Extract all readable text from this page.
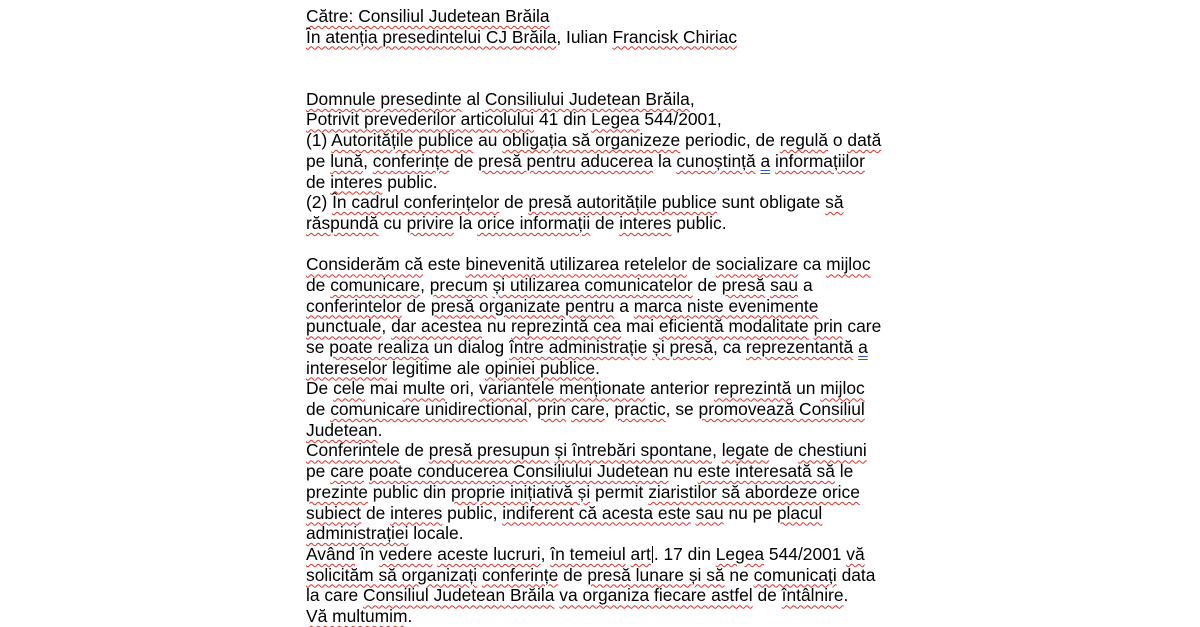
Către: Consiliul Judetean Brăila
În atenția presedintelui CJ Brăila, Iulian Francisk Chiriac
Domnule presedinte al Consiliului Judetean Brăila,
Potrivit prevederilor articolului 41 din Legea 544/2001,
(1) Autoritățile publice au obligația să organizeze periodic, de regulă o dată
pe lună, conferințe de presă pentru aducerea la cunoștință a informațiilor
de interes public.
(2) În cadrul conferințelor de presă autoritățile publice sunt obligate să
răspundă cu privire la orice informații de interes public.
Considerăm că este binevenită utilizarea retelelor de socializare ca mijloc
de comunicare, precum și utilizarea comunicatelor de presă sau a
conferintelor de presă organizate pentru a marca niste evenimente
punctuale, dar acestea nu reprezintă cea mai eficientă modalitate prin care
se poate realiza un dialog între administrație și presă, ca reprezentantă a
intereselor legitime ale opiniei publice.
De cele mai multe ori, variantele menționate anterior reprezintă un mijloc
de comunicare unidirectional, prin care, practic, se promovează Consiliul
Judetean.
Conferintele de presă presupun și întrebări spontane, legate de chestiuni
pe care poate conducerea Consiliului Judetean nu este interesată să le
prezinte public din proprie inițiativă și permit ziaristilor să abordeze orice
subiect de interes public, indiferent că acesta este sau nu pe placul
administrației locale.
Având în vedere aceste lucruri, în temeiul art . 17 din Legea 544/2001 vă
solicităm să organizați conferințe de presă lunare și să ne comunicați data
la care Consiliul Judetean Brăila va organiza fiecare astfel de întâlnire.
Vă multumim.
